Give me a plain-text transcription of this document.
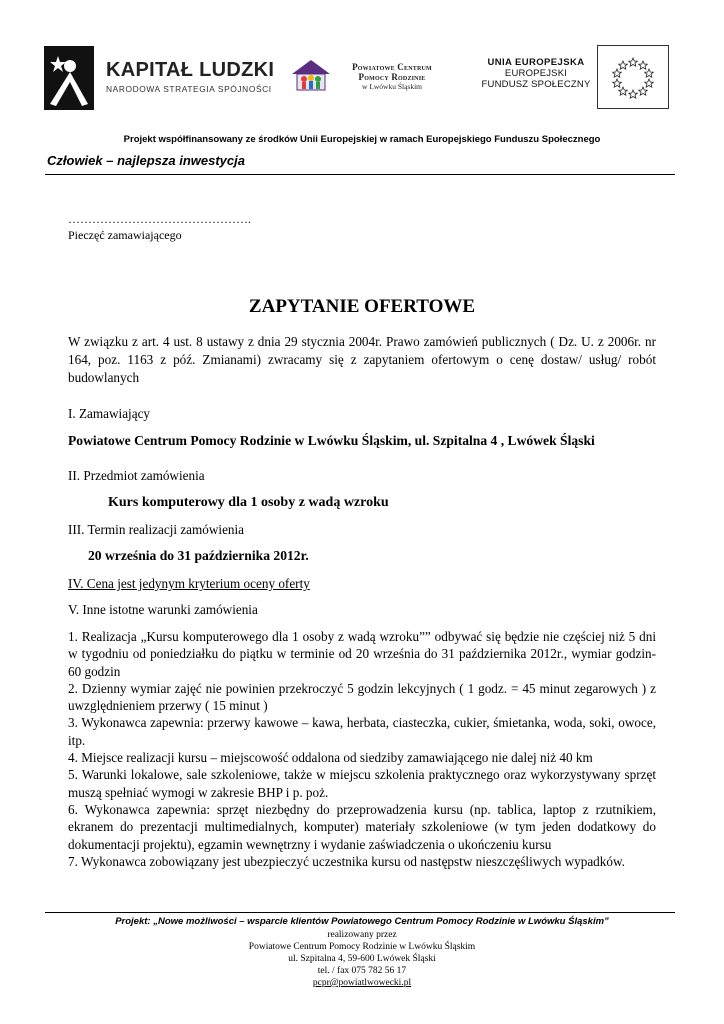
KAPITAŁ LUDZKI
NARODOWA STRATEGIA SPÓJNOŚCI
Powiatowe Centrum
Pomocy Rodzinie
w Lwówku Śląskim
UNIA EUROPEJSKA
EUROPEJSKI
FUNDUSZ SPOŁECZNY
Projekt współfinansowany ze środków Unii Europejskiej w ramach Europejskiego Funduszu Społecznego
Człowiek – najlepsza inwestycja
……………………………………….
Pieczęć zamawiającego
ZAPYTANIE OFERTOWE
W związku z art. 4 ust. 8 ustawy z dnia 29 stycznia 2004r. Prawo zamówień publicznych ( Dz. U. z 2006r. nr 164, poz. 1163 z póź. Zmianami) zwracamy się z zapytaniem ofertowym o cenę dostaw/ usług/ robót budowlanych
I. Zamawiający
Powiatowe Centrum Pomocy Rodzinie w Lwówku Śląskim, ul. Szpitalna 4 , Lwówek Śląski
II. Przedmiot zamówienia
Kurs komputerowy dla 1 osoby z wadą wzroku
III. Termin realizacji zamówienia
20 września do 31 października 2012r.
IV. Cena jest jedynym kryterium oceny oferty
V. Inne istotne warunki zamówienia
1. Realizacja „Kursu komputerowego dla 1 osoby z wadą wzroku”” odbywać się będzie nie częściej niż 5 dni w tygodniu od poniedziałku do piątku w terminie od 20 września do 31 października 2012r., wymiar godzin- 60 godzin
2. Dzienny wymiar zajęć nie powinien przekroczyć 5 godzin lekcyjnych ( 1 godz. = 45 minut zegarowych ) z uwzględnieniem przerwy ( 15 minut )
3. Wykonawca zapewnia: przerwy kawowe – kawa, herbata, ciasteczka, cukier, śmietanka, woda, soki, owoce, itp.
4. Miejsce realizacji kursu – miejscowość oddalona od siedziby zamawiającego nie dalej niż 40 km
5. Warunki lokalowe, sale szkoleniowe, także w miejscu szkolenia praktycznego oraz wykorzystywany sprzęt muszą spełniać wymogi w zakresie BHP i p. poż.
6. Wykonawca zapewnia: sprzęt niezbędny do przeprowadzenia kursu (np. tablica, laptop z rzutnikiem, ekranem do prezentacji multimedialnych, komputer) materiały szkoleniowe (w tym jeden dodatkowy do dokumentacji projektu), egzamin wewnętrzny i wydanie zaświadczenia o ukończeniu kursu
7. Wykonawca zobowiązany jest ubezpieczyć uczestnika kursu od następstw nieszczęśliwych wypadków.
Projekt: „Nowe możliwości – wsparcie klientów Powiatowego Centrum Pomocy Rodzinie w Lwówku Śląskim”
realizowany przez
Powiatowe Centrum Pomocy Rodzinie w Lwówku Śląskim
ul. Szpitalna 4, 59-600 Lwówek Śląski
tel. / fax 075 782 56 17
pcpr@powiatlwowecki.pl
